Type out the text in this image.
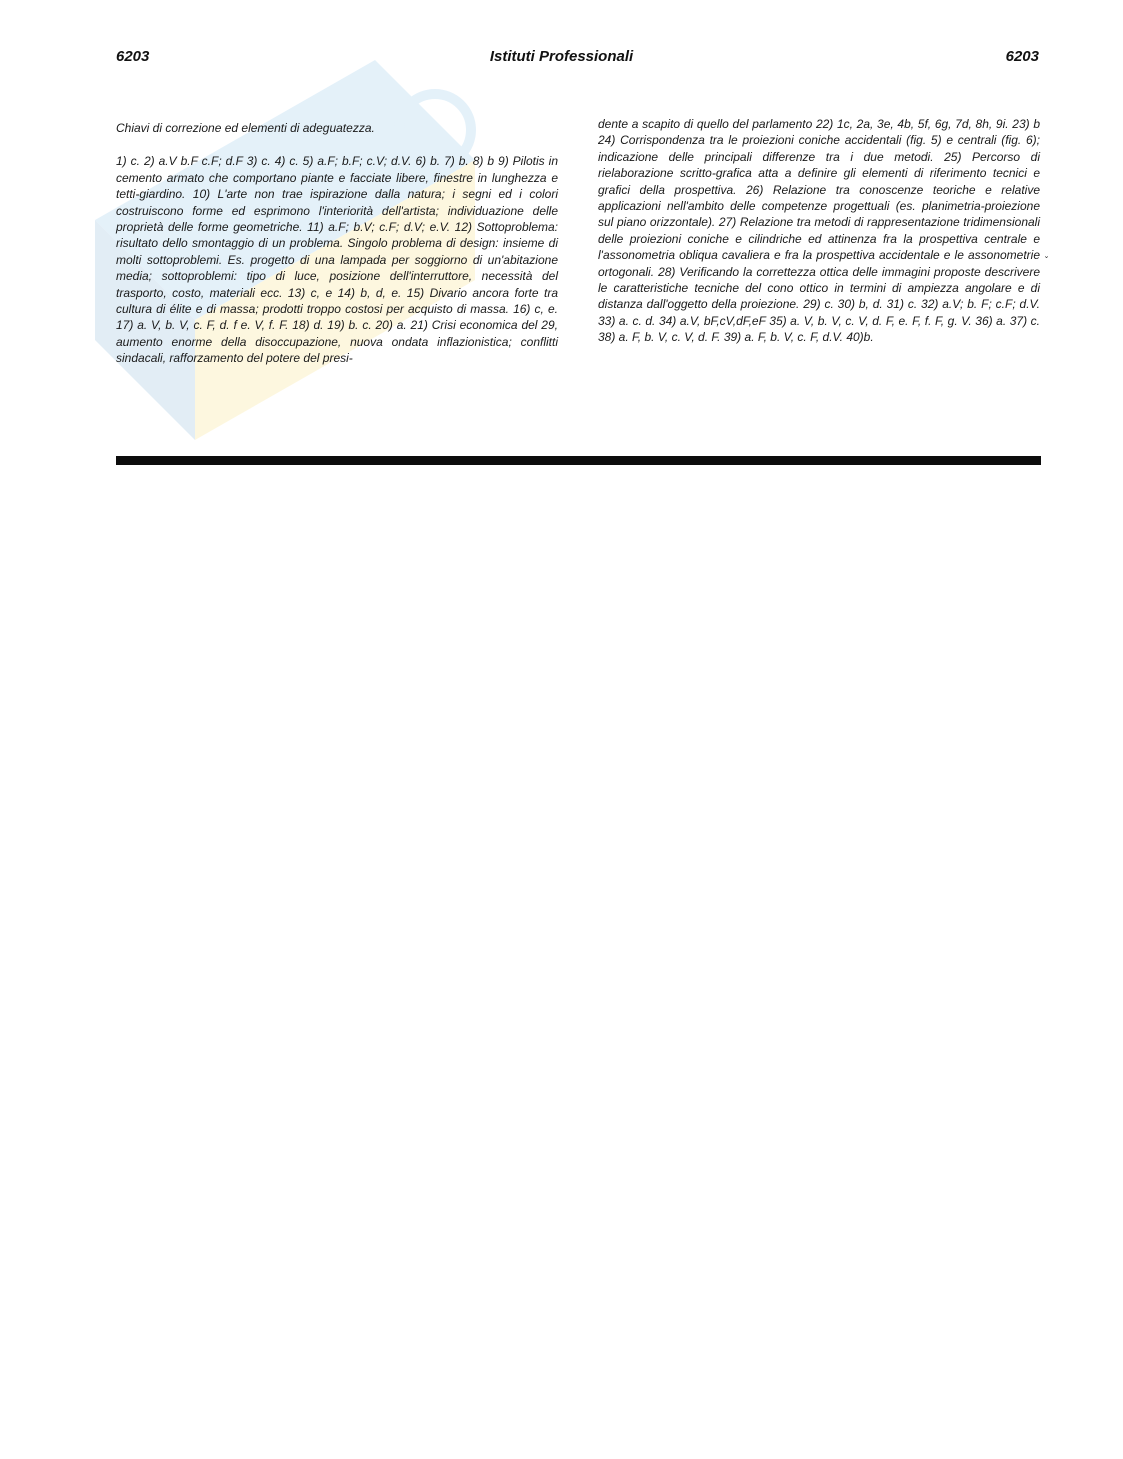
6203	Istituti Professionali	6203

Chiavi di correzione ed elementi di adeguatezza.

1) c. 2) a.V b.F c.F; d.F 3) c. 4) c. 5) a.F; b.F; c.V; d.V. 6) b. 7) b. 8) b 9) Pilotis in cemento armato che comportano piante e facciate libere, finestre in lunghezza e tetti-giardino. 10) L'arte non trae ispirazione dalla natura; i segni ed i colori costruiscono forme ed esprimono l'interiorità dell'artista; individuazione delle proprietà delle forme geometriche. 11) a.F; b.V; c.F; d.V; e.V. 12) Sottoproblema: risultato dello smontaggio di un problema. Singolo problema di design: insieme di molti sottoproblemi. Es. progetto di una lampada per soggiorno di un'abitazione media; sottoproblemi: tipo di luce, posizione dell'interruttore, necessità del trasporto, costo, materiali ecc. 13) c, e 14) b, d, e. 15) Divario ancora forte tra cultura di élite e di massa; prodotti troppo costosi per acquisto di massa. 16) c, e. 17) a. V, b. V, c. F, d. f e. V, f. F. 18) d. 19) b. c. 20) a. 21) Crisi economica del 29, aumento enorme della disoccupazione, nuova ondata inflazionistica; conflitti sindacali, rafforzamento del potere del presi-

dente a scapito di quello del parlamento 22) 1c, 2a, 3e, 4b, 5f, 6g, 7d, 8h, 9i. 23) b 24) Corrispondenza tra le proiezioni coniche accidentali (fig. 5) e centrali (fig. 6); indicazione delle principali differenze tra i due metodi. 25) Percorso di rielaborazione scritto-grafica atta a definire gli elementi di riferimento tecnici e grafici della prospettiva. 26) Relazione tra conoscenze teoriche e relative applicazioni nell'ambito delle competenze progettuali (es. planimetria-proiezione sul piano orizzontale). 27) Relazione tra metodi di rappresentazione tridimensionali delle proiezioni coniche e cilindriche ed attinenza fra la prospettiva centrale e l'assonometria obliqua cavaliera e fra la prospettiva accidentale e le assonometrie ortogonali. 28) Verificando la correttezza ottica delle immagini proposte descrivere le caratteristiche tecniche del cono ottico in termini di ampiezza angolare e di distanza dall'oggetto della proiezione. 29) c. 30) b, d. 31) c. 32) a.V; b. F; c.F; d.V. 33) a. c. d. 34) a.V, bF,cV,dF,eF 35) a. V, b. V, c. V, d. F, e. F, f. F, g. V. 36) a. 37) c. 38) a. F, b. V, c. V, d. F. 39) a. F, b. V, c. F, d.V. 40)b.

ˇ
